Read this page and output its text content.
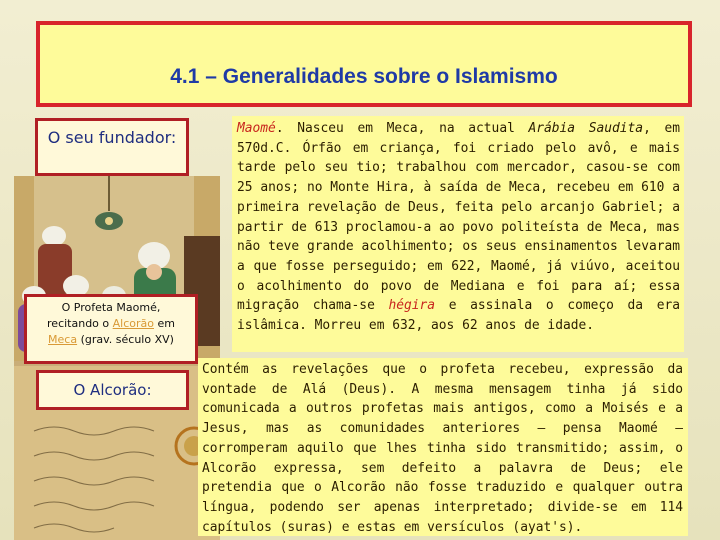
4.1 – Generalidades sobre o Islamismo
O seu fundador:
O Profeta Maomé,
recitando o Alcorão em
Meca (grav. século XV)
O Alcorão:
Maomé. Nasceu em Meca, na actual Arábia Saudita, em 570d.C. Órfão em criança, foi criado pelo avô, e mais tarde pelo seu tio; trabalhou com mercador, casou-se com 25 anos; no Monte Hira, à saída de Meca, recebeu em 610 a primeira revelação de Deus, feita pelo arcanjo Gabriel; a partir de 613 proclamou-a ao povo politeísta de Meca, mas não teve grande acolhimento; os seus ensinamentos levaram a que fosse perseguido; em 622, Maomé, já viúvo, aceitou o acolhimento do povo de Mediana e foi para aí; essa migração chama-se hégira e assinala o começo da era islâmica. Morreu em 632, aos 62 anos de idade.
Contém as revelações que o profeta recebeu, expressão da vontade de Alá (Deus). A mesma mensagem tinha já sido comunicada a outros profetas mais antigos, como a Moisés e a Jesus, mas as comunidades anteriores – pensa Maomé – corromperam aquilo que lhes tinha sido transmitido; assim, o Alcorão expressa, sem defeito a palavra de Deus; ele pretendia que o Alcorão não fosse traduzido e qualquer outra língua, podendo ser apenas interpretado; divide-se em 114 capítulos (suras) e estas em versículos (ayat's).
